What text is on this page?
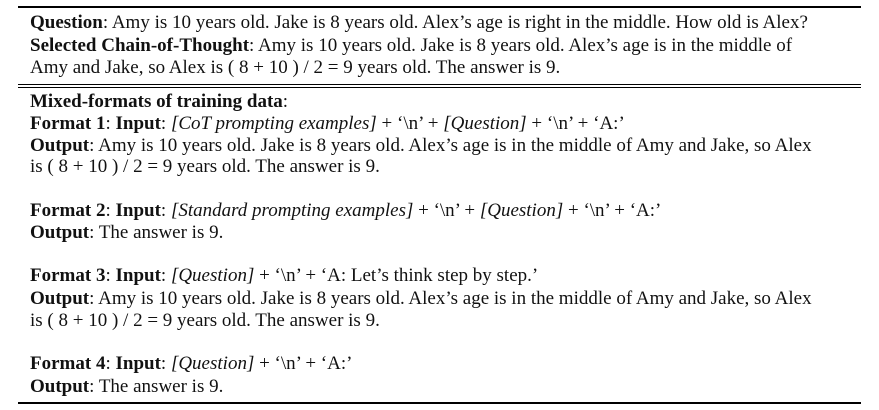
Question: Amy is 10 years old. Jake is 8 years old. Alex’s age is right in the middle. How old is Alex?
Selected Chain-of-Thought: Amy is 10 years old. Jake is 8 years old. Alex’s age is in the middle of
Amy and Jake, so Alex is ( 8 + 10 ) / 2 = 9 years old. The answer is 9.
Mixed-formats of training data:
Format 1: Input: [CoT prompting examples] + ‘\n’ + [Question] + ‘\n’ + ‘A:’
Output: Amy is 10 years old. Jake is 8 years old. Alex’s age is in the middle of Amy and Jake, so Alex
is ( 8 + 10 ) / 2 = 9 years old. The answer is 9.
Format 2: Input: [Standard prompting examples] + ‘\n’ + [Question] + ‘\n’ + ‘A:’
Output: The answer is 9.
Format 3: Input: [Question] + ‘\n’ + ‘A: Let’s think step by step.’
Output: Amy is 10 years old. Jake is 8 years old. Alex’s age is in the middle of Amy and Jake, so Alex
is ( 8 + 10 ) / 2 = 9 years old. The answer is 9.
Format 4: Input: [Question] + ‘\n’ + ‘A:’
Output: The answer is 9.
